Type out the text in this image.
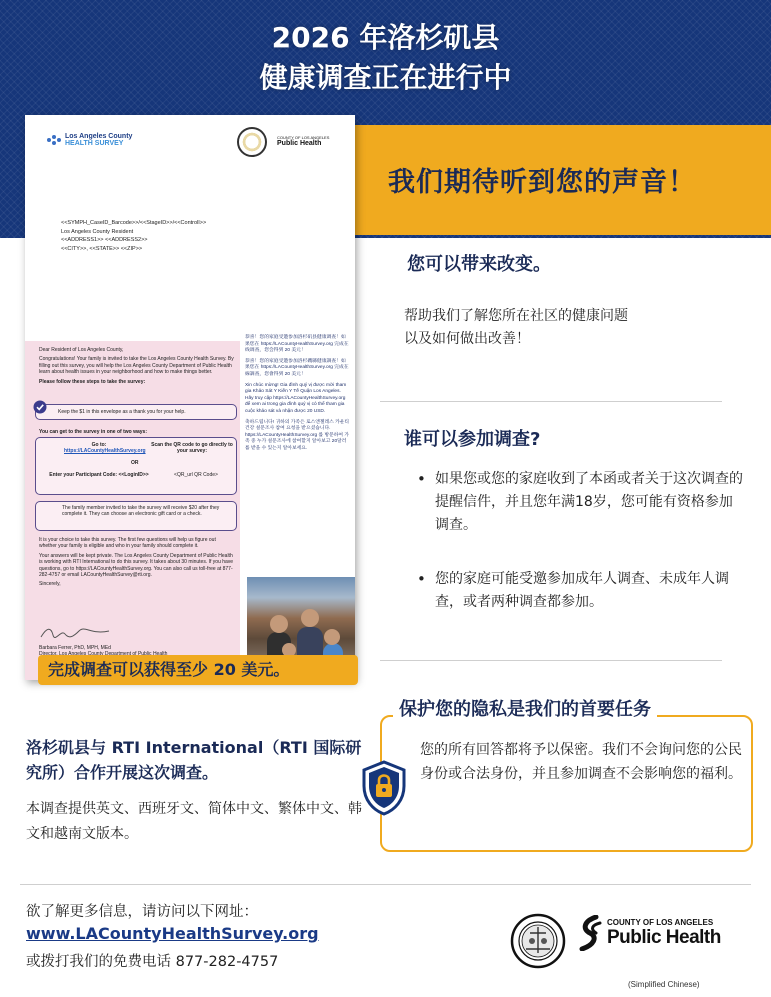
2026 年洛杉矶县
健康调查正在进行中
我们期待听到您的声音！
Los Angeles County
HEALTH SURVEY
COUNTY OF LOS ANGELES
Public Health
<<SYMPH_CaseID_Barcode>>/<<StageID>>/<<ControlI>>
Los Angeles County Resident
<<ADDRESS1>> <<ADDRESS2>>
<<CITY>>, <<STATE>> <<ZIP>>

Dear Resident of Los Angeles County,

Congratulations! Your family is invited to take the Los Angeles County Health Survey. By filling out this survey, you will help the Los Angeles County Department of Public Health learn about health issues in your neighborhood and how to make things better.

Please follow these steps to take the survey:

Keep the $1 in this envelope as a thank you for your help.
You can get to the survey in one of two ways:
Go to:
https://LACountyHealthSurvey.org
Scan the QR code to go directly to your survey:
OR
Enter your Participant Code: <<LoginID>>	<QR_url QR Code>
The family member invited to take the survey will receive $20 after they complete it. They can choose an electronic gift card or a check.

It is your choice to take this survey. The first few questions will help us figure out whether your family is eligible and who in your family should complete it.

Your answers will be kept private. The Los Angeles County Department of Public Health is working with RTI International to do this survey. It takes about 30 minutes. If you have questions, go to https://LACountyHealthSurvey.org. You can also call us toll-free at 877-282-4757 or email LACountyHealthSurvey@rti.org.

Sincerely,

Barbara Ferrer, PhD, MPH, MEd

恭喜！您的家庭受邀参加洛杉矶县健康调查！如果您在 https://LACountyHealthSurvey.org 完成在线调查，您会得到 20 美元！

恭喜！您的家庭受邀参加洛杉磯縣健康調查！如果您在 https://LACountyHealthSurvey.org 完成在線調查，您會得到 20 美元！

Xin chúc mừng! Gia đình quý vị được mời tham gia Khảo Sát Y Kiến Y Tế Quận Los Angeles. Hãy truy cập https://LACountyHealthSurvey.org để xem ai trong gia đình quý vị có thể tham gia cuộc khảo sát và nhận được 20 USD.

축하드립니다! 귀하의 가족은 로스앤젤레스 카운티 건강 설문조사 참여 요청을 받으셨습니다. https://LACountyHealthSurvey.org 를 방문하여 가족 중 누가 설문조사에 참여할지 알아보고 20달러를 받을 수 있는지 알아보세요.

完成调查可以获得至少 20 美元。
您可以带来改变。
帮助我们了解您所在社区的健康问题
以及如何做出改善！
谁可以参加调查?
• 如果您或您的家庭收到了本函或者关于这次调查的提醒信件，并且您年满18岁，您可能有资格参加调查。
• 您的家庭可能受邀参加成年人调查、未成年人调查，或者两种调查都参加。
保护您的隐私是我们的首要任务
您的所有回答都将予以保密。我们不会询问您的公民身份或合法身份，并且参加调查不会影响您的福利。
洛杉矶县与 RTI International（RTI 国际研究所）合作开展这次调查。
本调查提供英文、西班牙文、简体中文、繁体中文、韩文和越南文版本。
欲了解更多信息，请访问以下网址：
www.LACountyHealthSurvey.org
或拨打我们的免费电话 877-282-4757
COUNTY OF LOS ANGELES
Public Health
(Simplified Chinese)
